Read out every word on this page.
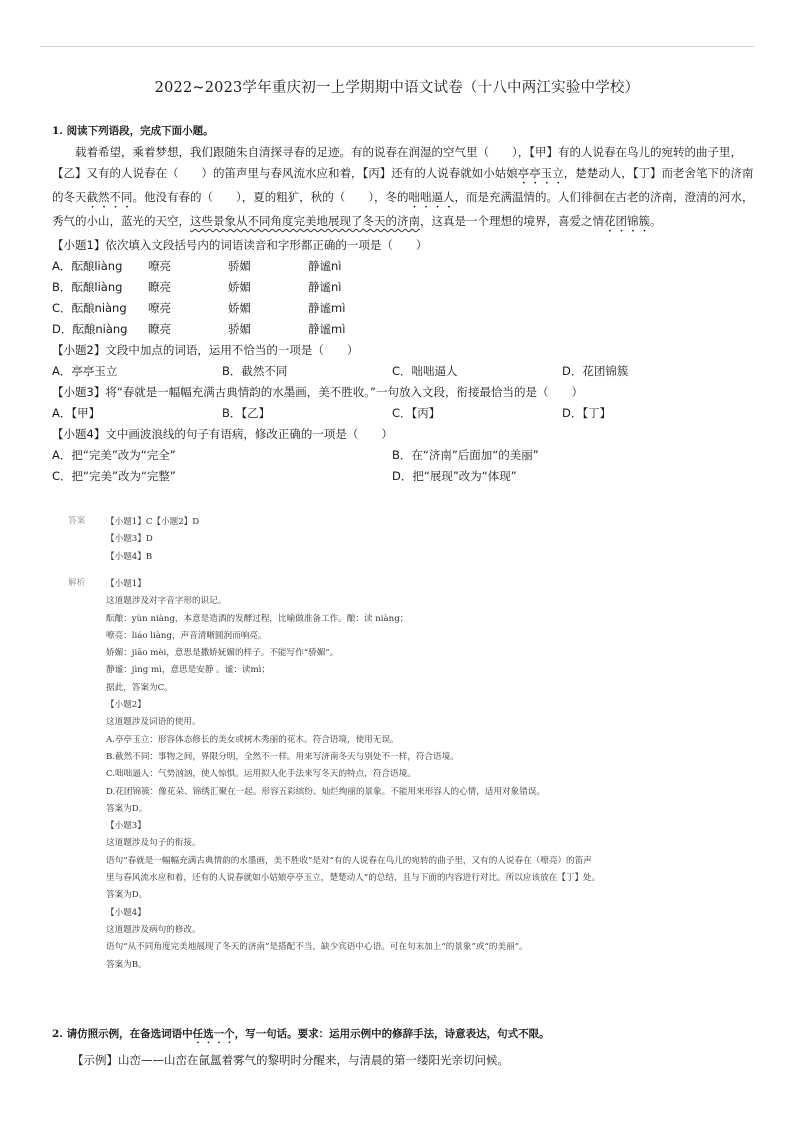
2022~2023学年重庆初一上学期期中语文试卷（十八中两江实验中学校）
1. 阅读下列语段，完成下面小题。
载着希望，乘着梦想，我们跟随朱自清探寻春的足迹。有的说春在润湿的空气里（　　），【甲】有的人说春在鸟儿的宛转的曲子里，【乙】又有的人说春在（　　）的笛声里与春风流水应和着，【丙】还有的人说春就如小姑娘亭亭玉立，楚楚动人，【丁】而老舍笔下的济南的冬天截然不同。他没有春的（　　），夏的粗犷，秋的（　　），冬的咄咄逼人，而是充满温情的。人们徘徊在古老的济南，澄清的河水，秀气的小山，蓝光的天空，这些景象从不同角度完美地展现了冬天的济南，这真是一个理想的境界，喜爱之情花团锦簇。
【小题1】依次填入文段括号内的词语读音和字形都正确的一项是（　　）
A．酝酿liàng 嘹亮	骄媚	静谧nì
B．酝酿liàng 瞭亮	娇媚	静谧nì
C．酝酿niàng 嘹亮	娇媚	静谧mì
D．酝酿niàng 瞭亮	骄媚	静谧mì
【小题2】文段中加点的词语，运用不恰当的一项是（　　）
A．亭亭玉立	B．截然不同	C．咄咄逼人	D．花团锦簇
【小题3】将“春就是一幅幅充满古典情韵的水墨画，美不胜收。”一句放入文段，衔接最恰当的是（　　）
A．【甲】	B．【乙】	C．【丙】	D．【丁】
【小题4】文中画波浪线的句子有语病，修改正确的一项是（　　）
A．把“完美”改为“完全”	B．在“济南”后面加“的美丽”
C．把“完美”改为“完整”	D．把“展现”改为“体现”
答案 【小题1】C【小题2】D
【小题3】D
【小题4】B
解析 【小题1】
这道题涉及对字音字形的识记。
酝酿：yùn niàng，本意是造酒的发酵过程，比喻做准备工作。酿：读 niàng；
嘹亮：liáo liàng，声音清晰圆润而响亮。
娇媚：jiāo mèi，意思是撒娇妩媚的样子。不能写作“骄媚”。
静谧：jìng mì，意思是安静 。谧：读mì；
据此，答案为C。
【小题2】
这道题涉及词语的使用。
A.亭亭玉立：形容体态修长的美女或树木秀丽的花木。符合语境，使用无误。
B.截然不同：事物之间，界限分明，全然不一样。用来写济南冬天与别处不一样，符合语境。
C.咄咄逼人：气势汹汹，使人惊惧。运用拟人化手法来写冬天的特点，符合语境。
D.花团锦簇：像花朵、锦绣汇聚在一起。形容五彩缤纷、灿烂绚丽的景象。不能用来形容人的心情，适用对象错误。
答案为D。
【小题3】
这道题涉及句子的衔接。
语句“春就是一幅幅充满古典情韵的水墨画，美不胜收”是对“有的人说春在鸟儿的宛转的曲子里，又有的人说春在（嘹亮）的笛声
里与春风流水应和着，还有的人说春就如小姑娘亭亭玉立，楚楚动人”的总结，且与下面的内容进行对比。所以应该放在【丁】处。
答案为D。
【小题4】
这道题涉及病句的修改。
语句“从不同角度完美地展现了冬天的济南”是搭配不当，缺少宾语中心语。可在句末加上“的景象”或“的美丽”。
答案为B。
2. 请仿照示例，在备选词语中任选一个，写一句话。要求：运用示例中的修辞手法，诗意表达，句式不限。
【示例】山峦——山峦在氤氲着雾气的黎明时分醒来，与清晨的第一缕阳光亲切问候。
